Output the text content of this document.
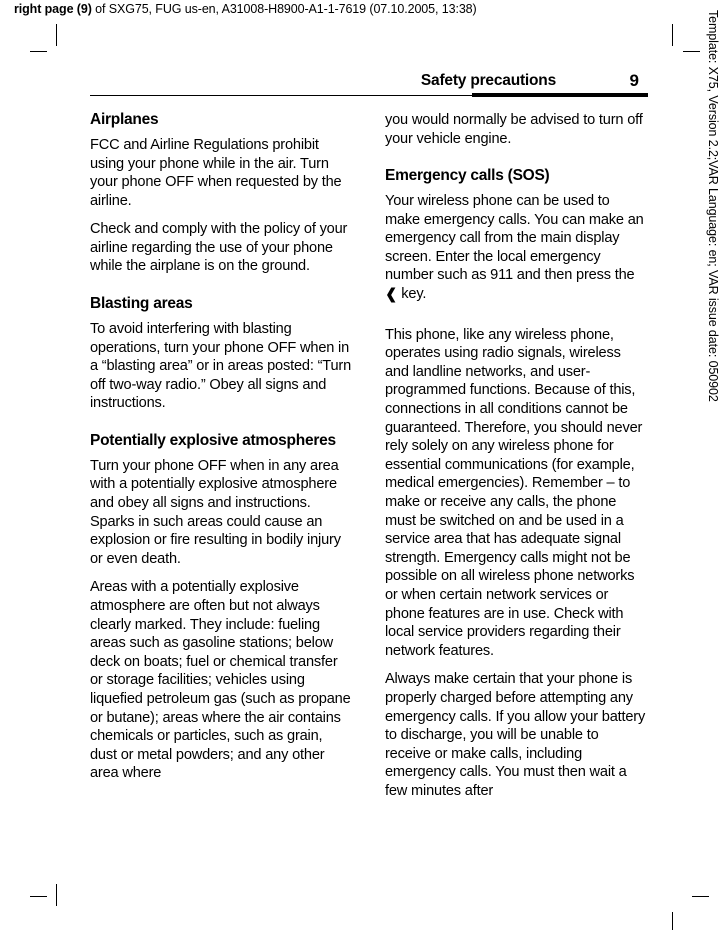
right page (9) of SXG75, FUG us-en, A31008-H8900-A1-1-7619 (07.10.2005, 13:38)
Template: X75, Version 2.2;VAR Language: en; VAR issue date: 050902
Safety precautions	9
Airplanes

FCC and Airline Regulations prohibit using your phone while in the air. Turn your phone OFF when requested by the airline.

Check and comply with the policy of your airline regarding the use of your phone while the airplane is on the ground.

Blasting areas

To avoid interfering with blasting operations, turn your phone OFF when in a “blasting area” or in areas posted: “Turn off two-way radio.” Obey all signs and instructions.

Potentially explosive atmospheres

Turn your phone OFF when in any area with a potentially explosive atmosphere and obey all signs and instructions. Sparks in such areas could cause an explosion or fire resulting in bodily injury or even death.

Areas with a potentially explosive atmosphere are often but not always clearly marked. They include: fueling areas such as gasoline stations; below deck on boats; fuel or chemical transfer or storage facilities; vehicles using liquefied petroleum gas (such as propane or butane); areas where the air contains chemicals or particles, such as grain, dust or metal powders; and any other area where

you would normally be advised to turn off your vehicle engine.

Emergency calls (SOS)

Your wireless phone can be used to make emergency calls. You can make an emergency call from the main display screen. Enter the local emergency number such as 911 and then press the ❰ key.

This phone, like any wireless phone, operates using radio signals, wireless and landline networks, and user-programmed functions. Because of this, connections in all conditions cannot be guaranteed. Therefore, you should never rely solely on any wireless phone for essential communications (for example, medical emergencies). Remember – to make or receive any calls, the phone must be switched on and be used in a service area that has adequate signal strength. Emergency calls might not be possible on all wireless phone networks or when certain network services or phone features are in use. Check with local service providers regarding their network features.

Always make certain that your phone is properly charged before attempting any emergency calls. If you allow your battery to discharge, you will be unable to receive or make calls, including emergency calls. You must then wait a few minutes after
